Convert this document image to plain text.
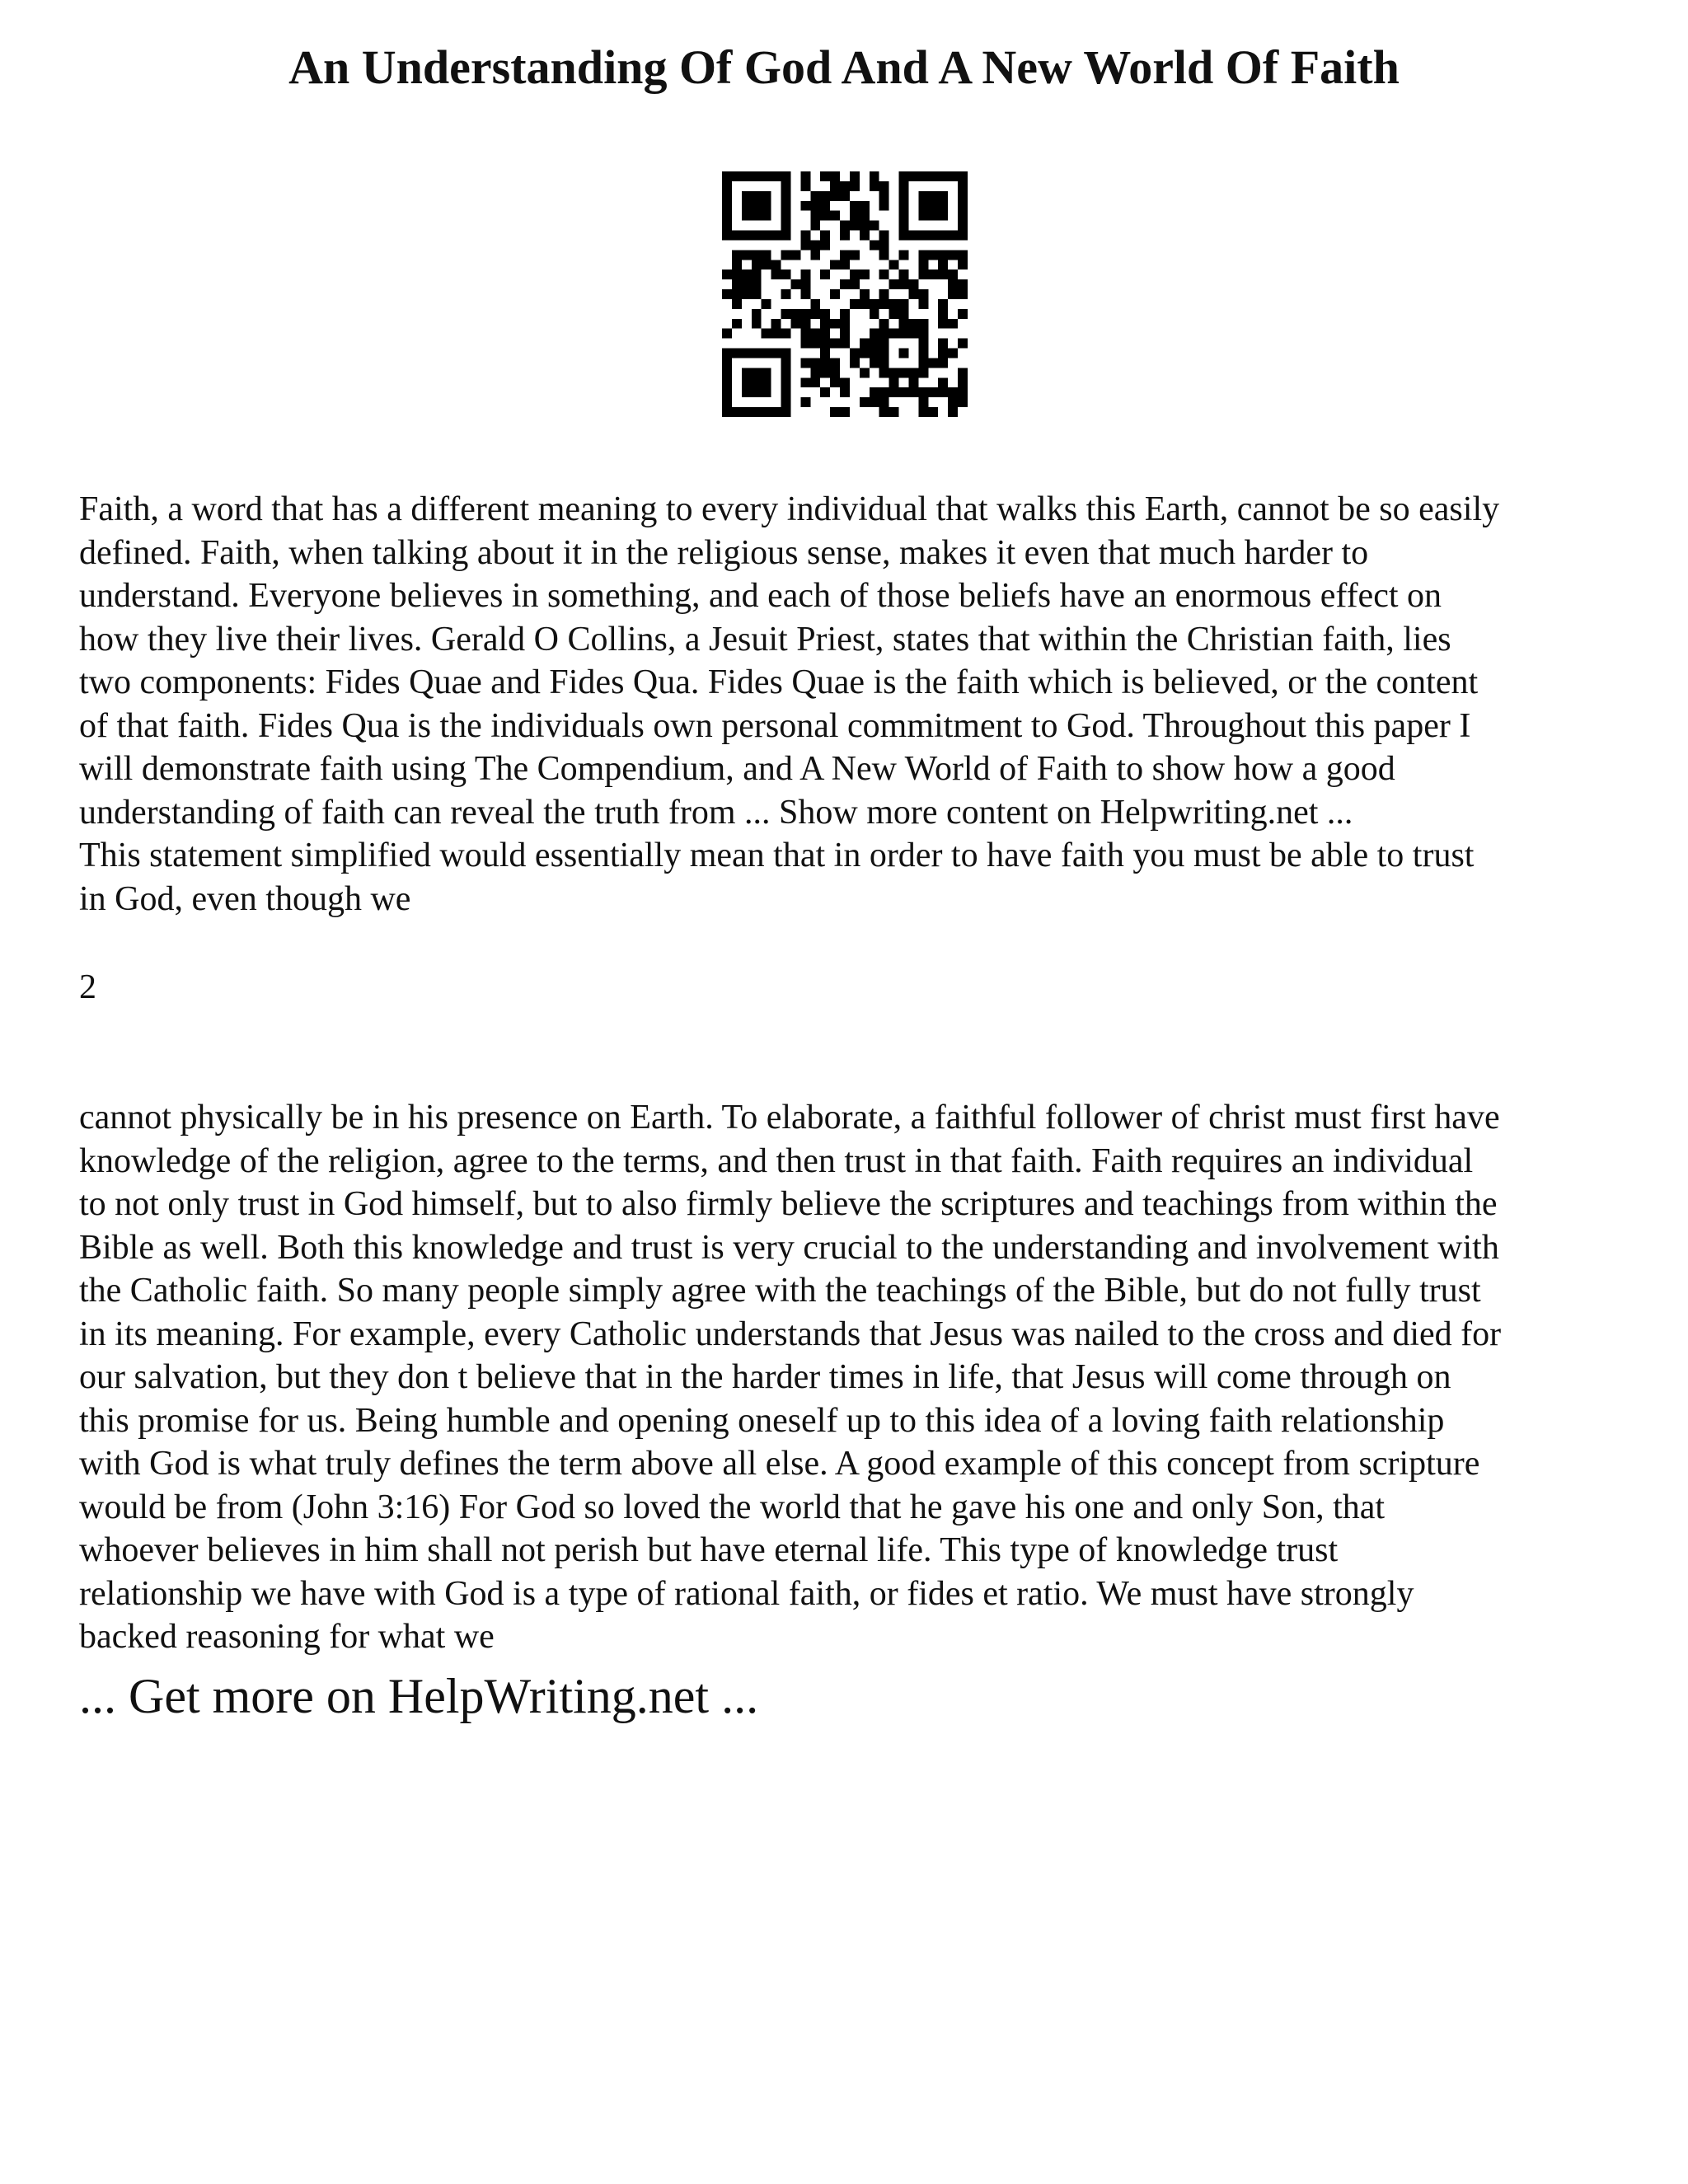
An Understanding Of God And A New World Of Faith
Faith, a word that has a different meaning to every individual that walks this Earth, cannot be so easily
defined. Faith, when talking about it in the religious sense, makes it even that much harder to
understand. Everyone believes in something, and each of those beliefs have an enormous effect on
how they live their lives. Gerald O Collins, a Jesuit Priest, states that within the Christian faith, lies
two components: Fides Quae and Fides Qua. Fides Quae is the faith which is believed, or the content
of that faith. Fides Qua is the individuals own personal commitment to God. Throughout this paper I
will demonstrate faith using The Compendium, and A New World of Faith to show how a good
understanding of faith can reveal the truth from ... Show more content on Helpwriting.net ...
This statement simplified would essentially mean that in order to have faith you must be able to trust
in God, even though we
2
cannot physically be in his presence on Earth. To elaborate, a faithful follower of christ must first have
knowledge of the religion, agree to the terms, and then trust in that faith. Faith requires an individual
to not only trust in God himself, but to also firmly believe the scriptures and teachings from within the
Bible as well. Both this knowledge and trust is very crucial to the understanding and involvement with
the Catholic faith. So many people simply agree with the teachings of the Bible, but do not fully trust
in its meaning. For example, every Catholic understands that Jesus was nailed to the cross and died for
our salvation, but they don t believe that in the harder times in life, that Jesus will come through on
this promise for us. Being humble and opening oneself up to this idea of a loving faith relationship
with God is what truly defines the term above all else. A good example of this concept from scripture
would be from (John 3:16) For God so loved the world that he gave his one and only Son, that
whoever believes in him shall not perish but have eternal life. This type of knowledge trust
relationship we have with God is a type of rational faith, or fides et ratio. We must have strongly
backed reasoning for what we
... Get more on HelpWriting.net ...
